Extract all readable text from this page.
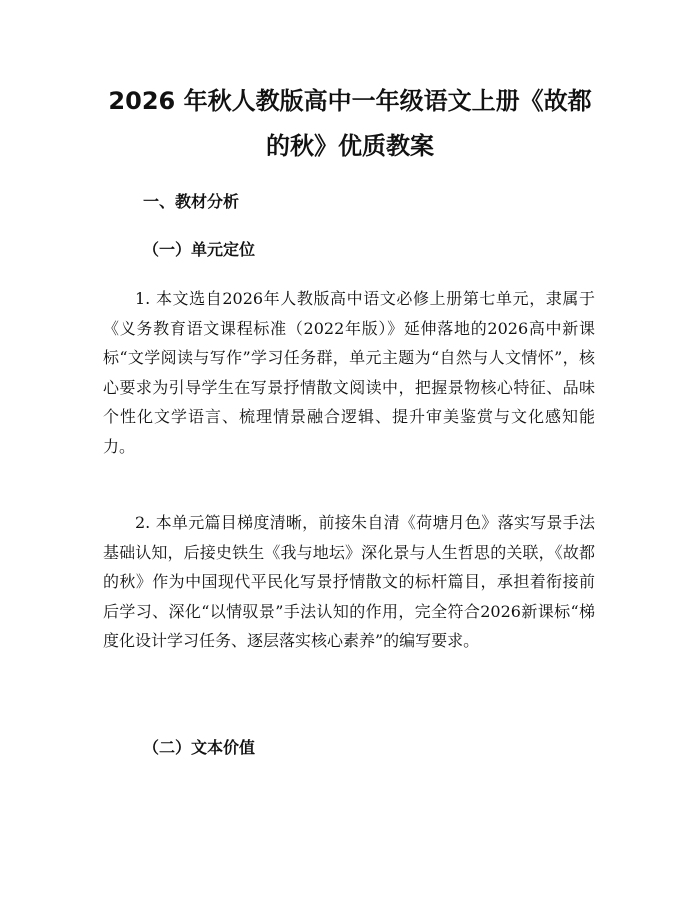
2026 年秋人教版高中一年级语文上册《故都
的秋》优质教案
一、教材分析
（一）单元定位

1. 本文选自2026年人教版高中语文必修上册第七单元，隶属于《义务教育语文课程标准（2022年版）》延伸落地的2026高中新课标“文学阅读与写作”学习任务群，单元主题为“自然与人文情怀”，核心要求为引导学生在写景抒情散文阅读中，把握景物核心特征、品味个性化文学语言、梳理情景融合逻辑、提升审美鉴赏与文化感知能力。

2. 本单元篇目梯度清晰，前接朱自清《荷塘月色》落实写景手法基础认知，后接史铁生《我与地坛》深化景与人生哲思的关联，《故都的秋》作为中国现代平民化写景抒情散文的标杆篇目，承担着衔接前后学习、深化“以情驭景”手法认知的作用，完全符合2026新课标“梯度化设计学习任务、逐层落实核心素养”的编写要求。

（二）文本价值
